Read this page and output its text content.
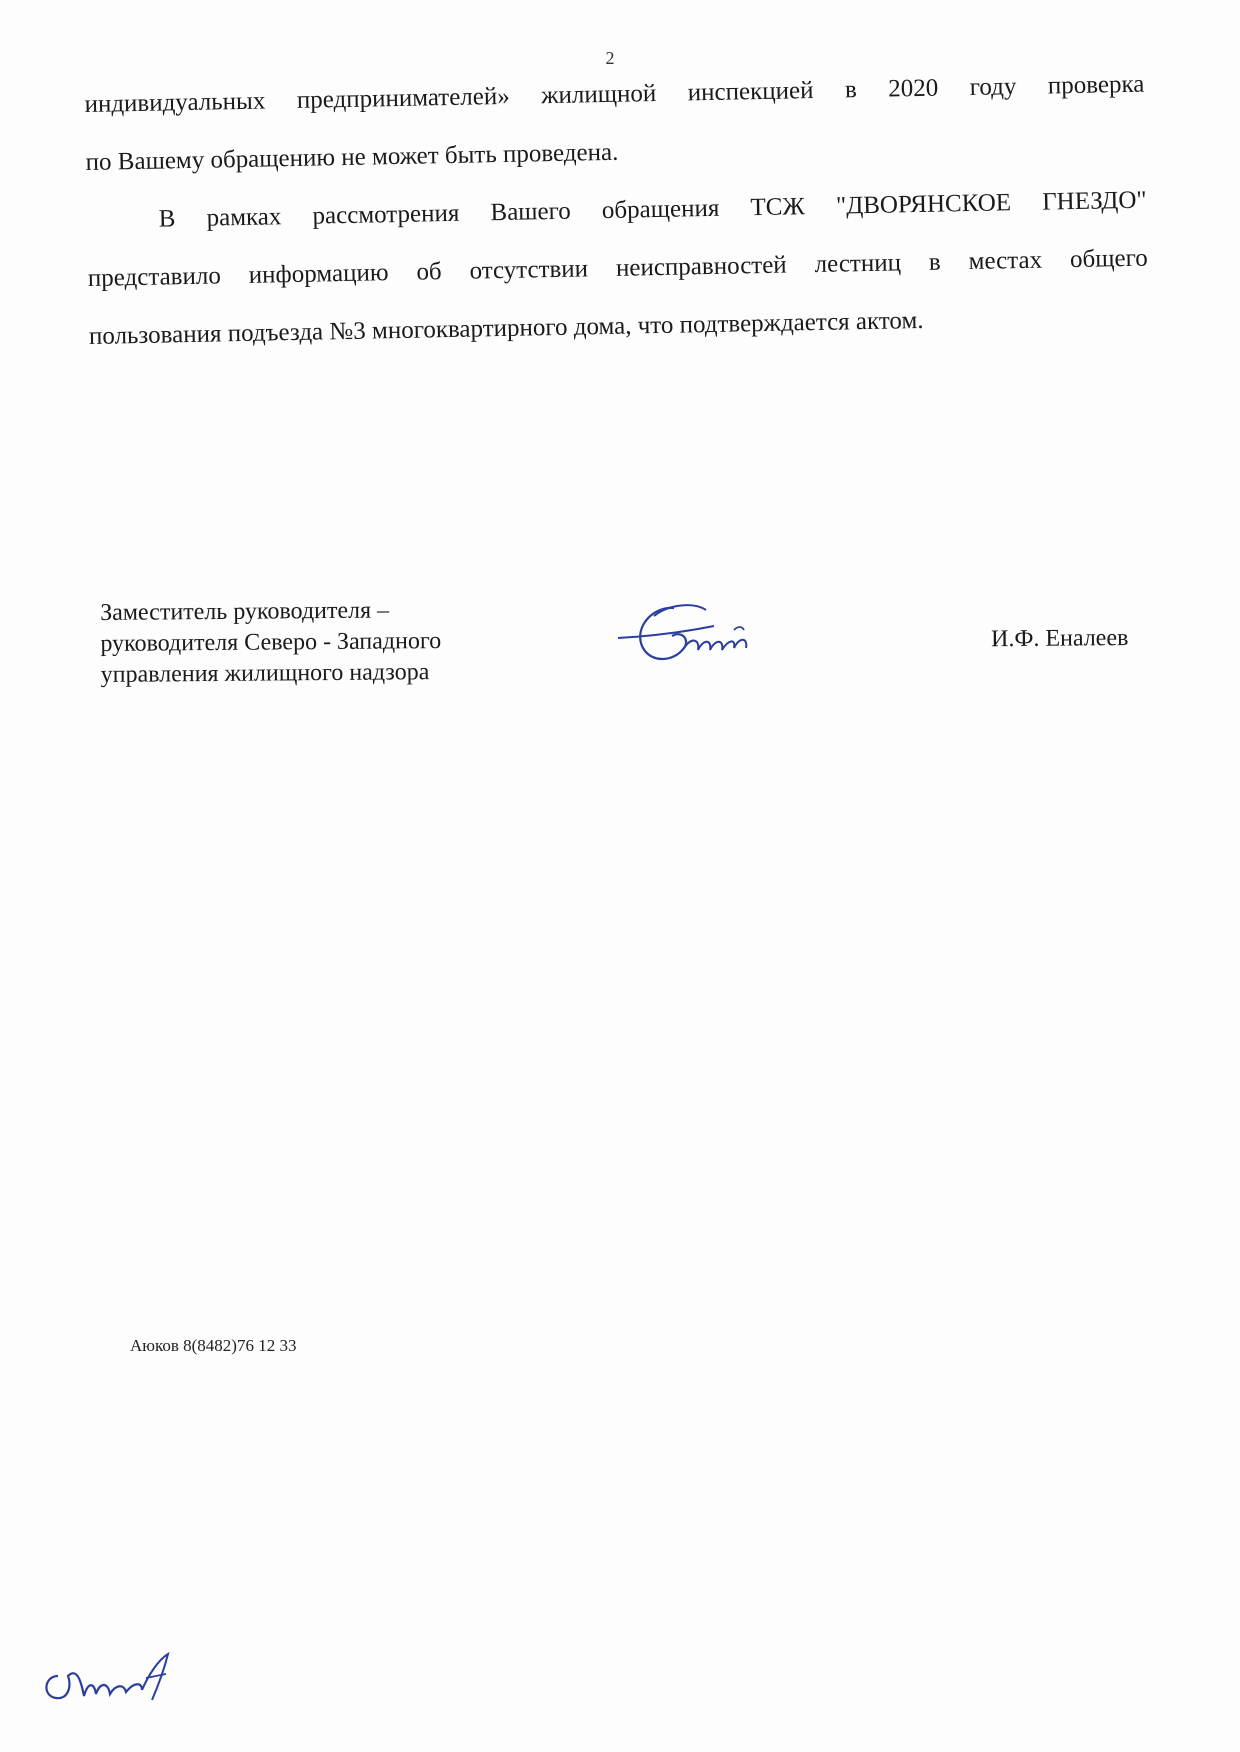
2

индивидуальных предпринимателей» жилищной инспекцией в 2020 году проверка
по Вашему обращению не может быть проведена.

В рамках рассмотрения Вашего обращения ТСЖ "ДВОРЯНСКОЕ ГНЕЗДО"
представило информацию об отсутствии неисправностей лестниц в местах общего
пользования подъезда №3 многоквартирного дома, что подтверждается актом.

Заместитель руководителя –
руководителя Северо - Западного
управления жилищного надзора
И.Ф. Еналеев
Аюков 8(8482)76 12 33
